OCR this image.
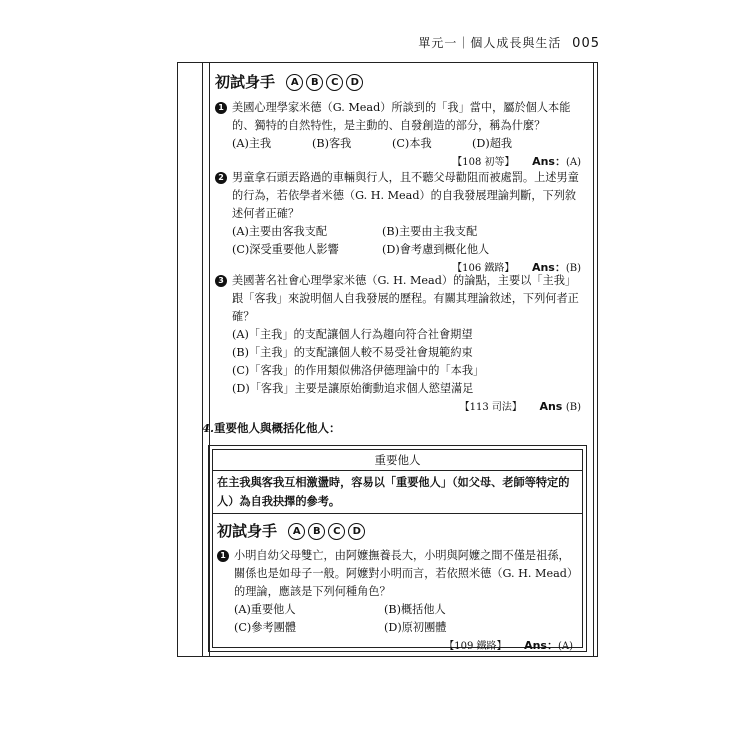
單元一｜個人成長與生活 005
初試身手	A	B	C	D
1 美國心理學家米德（G. Mead）所談到的「我」當中，屬於個人本能的、獨特的自然特性，是主動的、自發創造的部分，稱為什麼？
(A)主我	(B)客我	(C)本我	(D)超我
【108 初等】 Ans：(A)
2 男童拿石頭丟路過的車輛與行人，且不聽父母勸阻而被處罰。上述男童的行為，若依學者米德（G. H. Mead）的自我發展理論判斷，下列敘述何者正確？
(A)主要由客我支配	(B)主要由主我支配
(C)深受重要他人影響	(D)會考慮到概化他人
【106 鐵路】 Ans：(B)
3 美國著名社會心理學家米德（G. H. Mead）的論點，主要以「主我」跟「客我」來說明個人自我發展的歷程。有關其理論敘述，下列何者正確？
(A)「主我」的支配讓個人行為趨向符合社會期望
(B)「主我」的支配讓個人較不易受社會規範約束
(C)「客我」的作用類似佛洛伊德理論中的「本我」
(D)「客我」主要是讓原始衝動追求個人慾望滿足
【113 司法】 Ans (B)
4.重要他人與概括化他人：
重要他人
在主我與客我互相激盪時，容易以「重要他人」（如父母、老師等特定的人）為自我抉擇的參考。
初試身手	A	B	C	D
1 小明自幼父母雙亡，由阿嬤撫養長大，小明與阿嬤之間不僅是祖孫，關係也是如母子一般。阿嬤對小明而言，若依照米德（G. H. Mead）的理論，應該是下列何種角色？
(A)重要他人	(B)概括他人
(C)參考團體	(D)原初團體
【109 鐵路】 Ans：(A)
